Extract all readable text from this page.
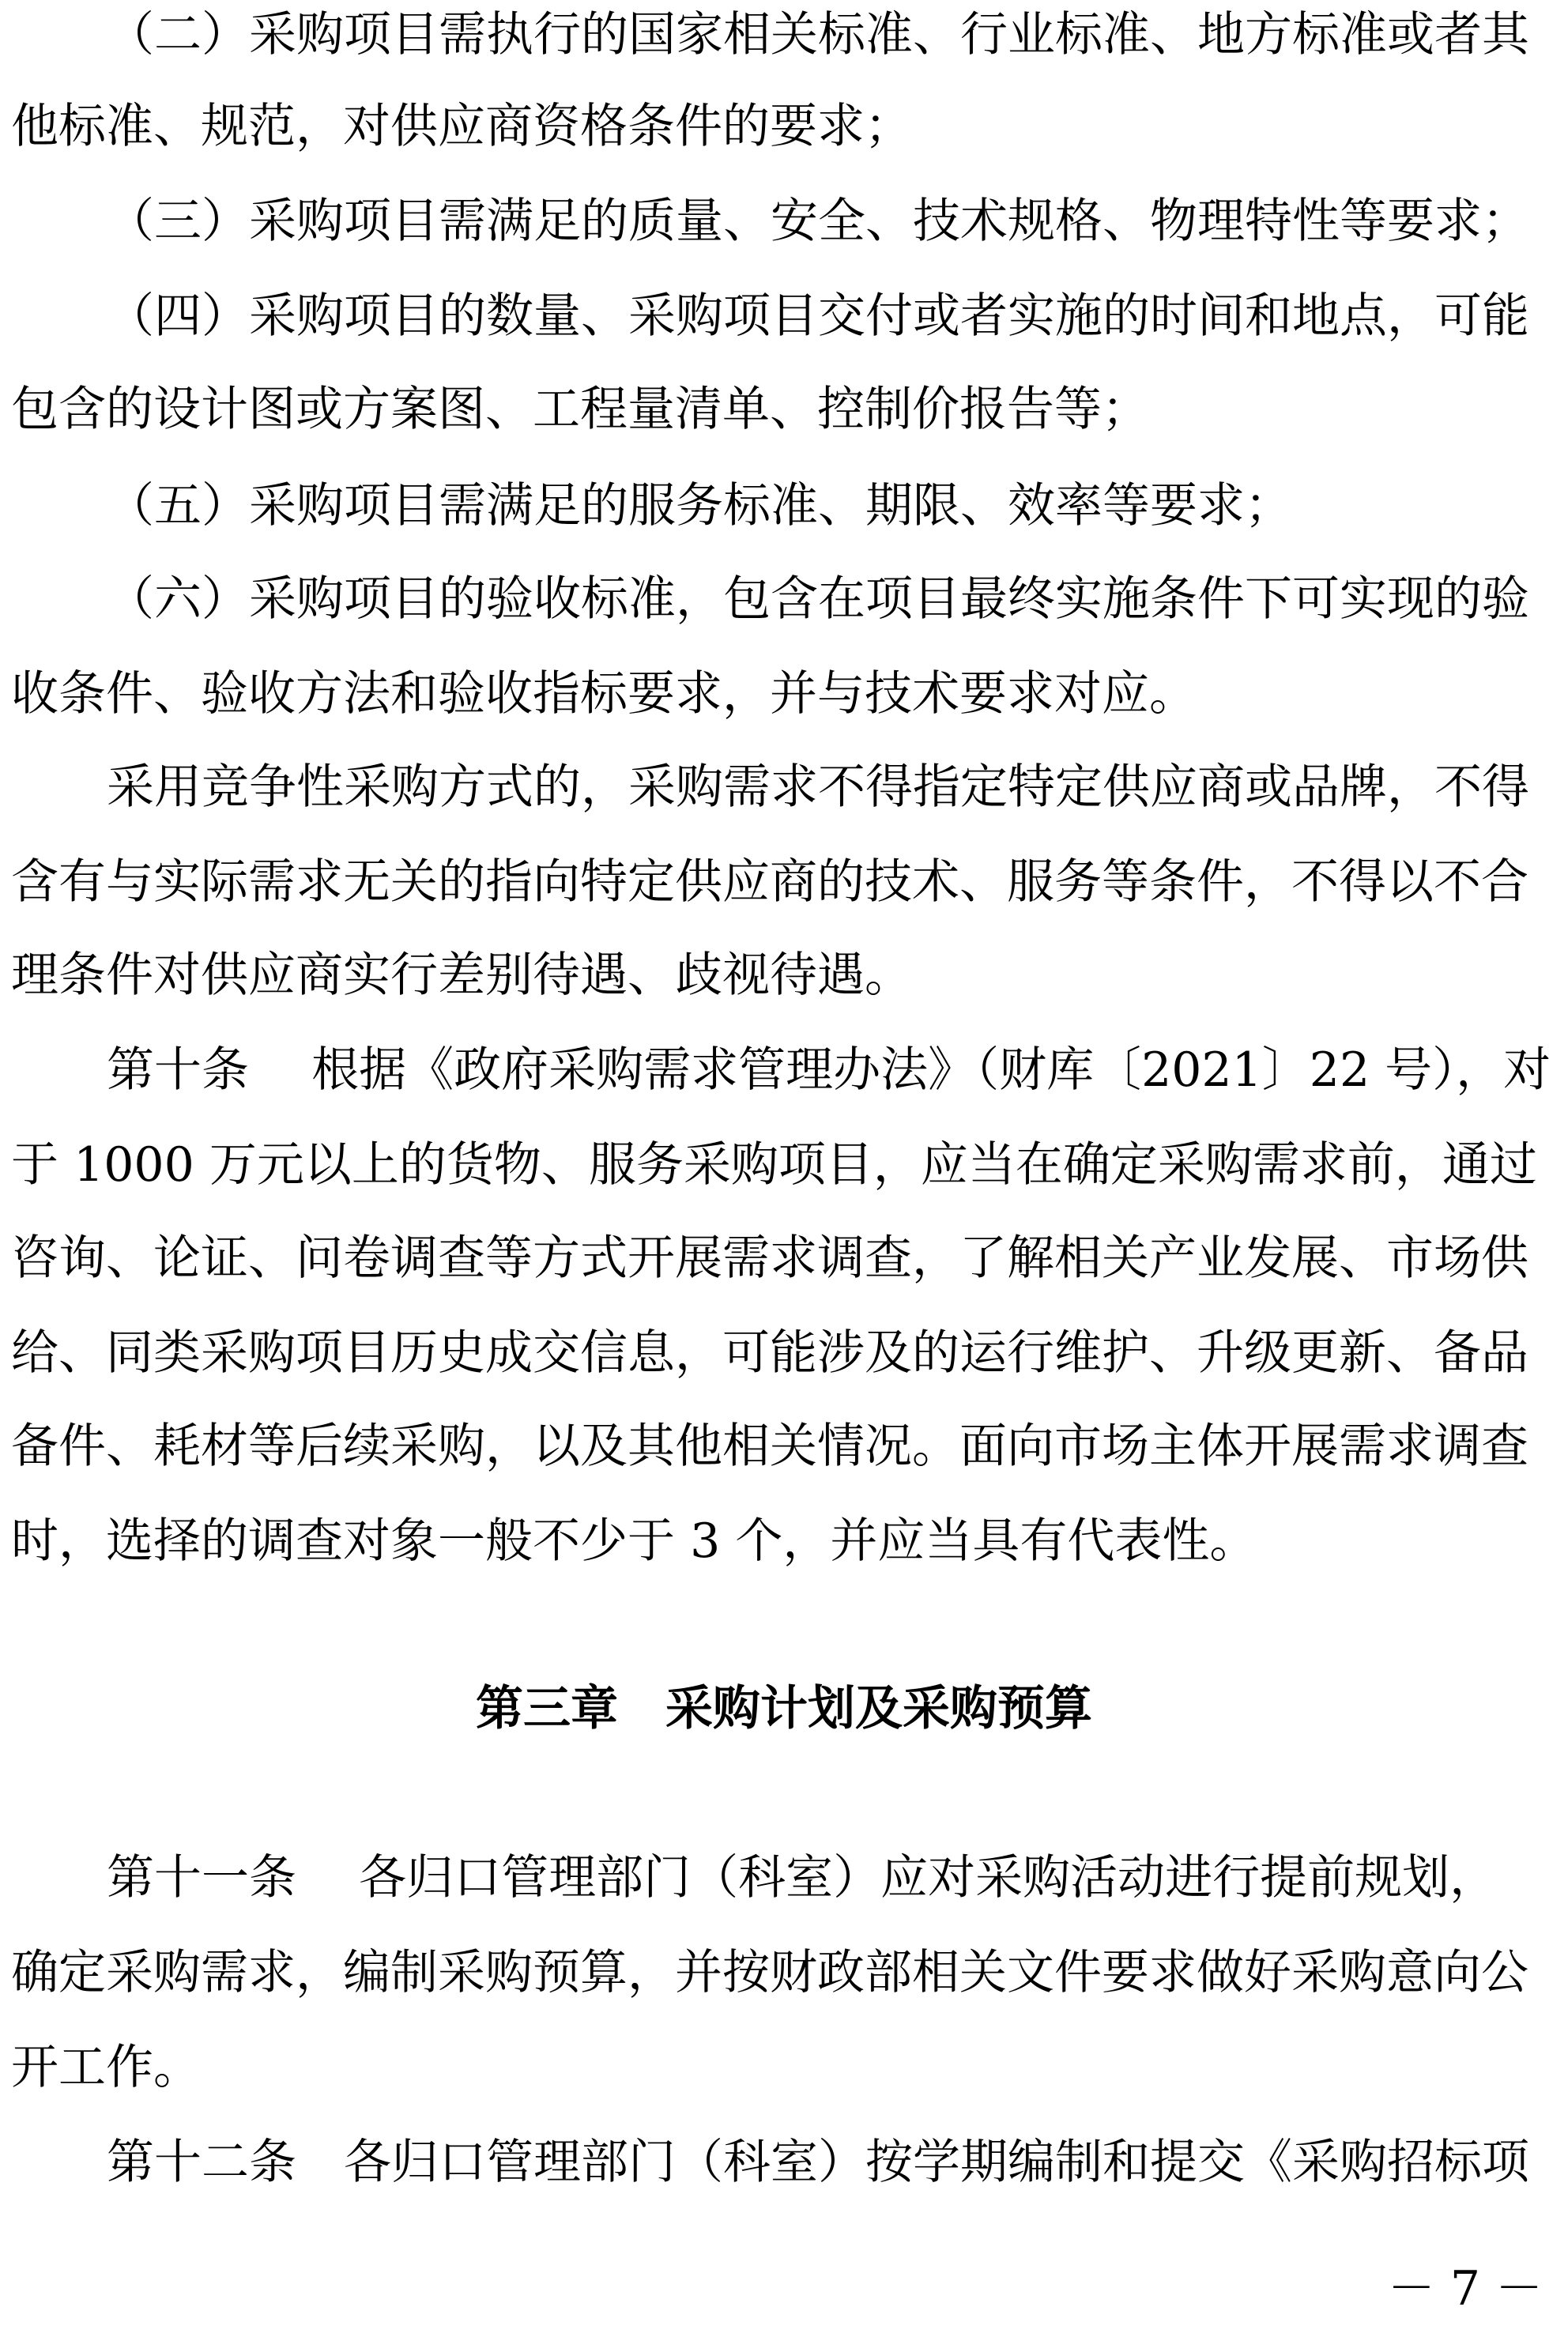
（二）采购项目需执行的国家相关标准、行业标准、地方标准或者其
他标准、规范，对供应商资格条件的要求；
（三）采购项目需满足的质量、安全、技术规格、物理特性等要求；
（四）采购项目的数量、采购项目交付或者实施的时间和地点，可能
包含的设计图或方案图、工程量清单、控制价报告等；
（五）采购项目需满足的服务标准、期限、效率等要求；
（六）采购项目的验收标准，包含在项目最终实施条件下可实现的验
收条件、验收方法和验收指标要求，并与技术要求对应。
采用竞争性采购方式的，采购需求不得指定特定供应商或品牌，不得
含有与实际需求无关的指向特定供应商的技术、服务等条件，不得以不合
理条件对供应商实行差别待遇、歧视待遇。
第十条　 根据《政府采购需求管理办法》（财库〔2021〕22 号），对
于 1000 万元以上的货物、服务采购项目，应当在确定采购需求前，通过
咨询、论证、问卷调查等方式开展需求调查，了解相关产业发展、市场供
给、同类采购项目历史成交信息，可能涉及的运行维护、升级更新、备品
备件、耗材等后续采购，以及其他相关情况。面向市场主体开展需求调查
时，选择的调查对象一般不少于 3 个，并应当具有代表性。
第三章　采购计划及采购预算
第十一条　 各归口管理部门（科室）应对采购活动进行提前规划，
确定采购需求，编制采购预算，并按财政部相关文件要求做好采购意向公
开工作。
第十二条　各归口管理部门（科室）按学期编制和提交《采购招标项
－ 7 －
